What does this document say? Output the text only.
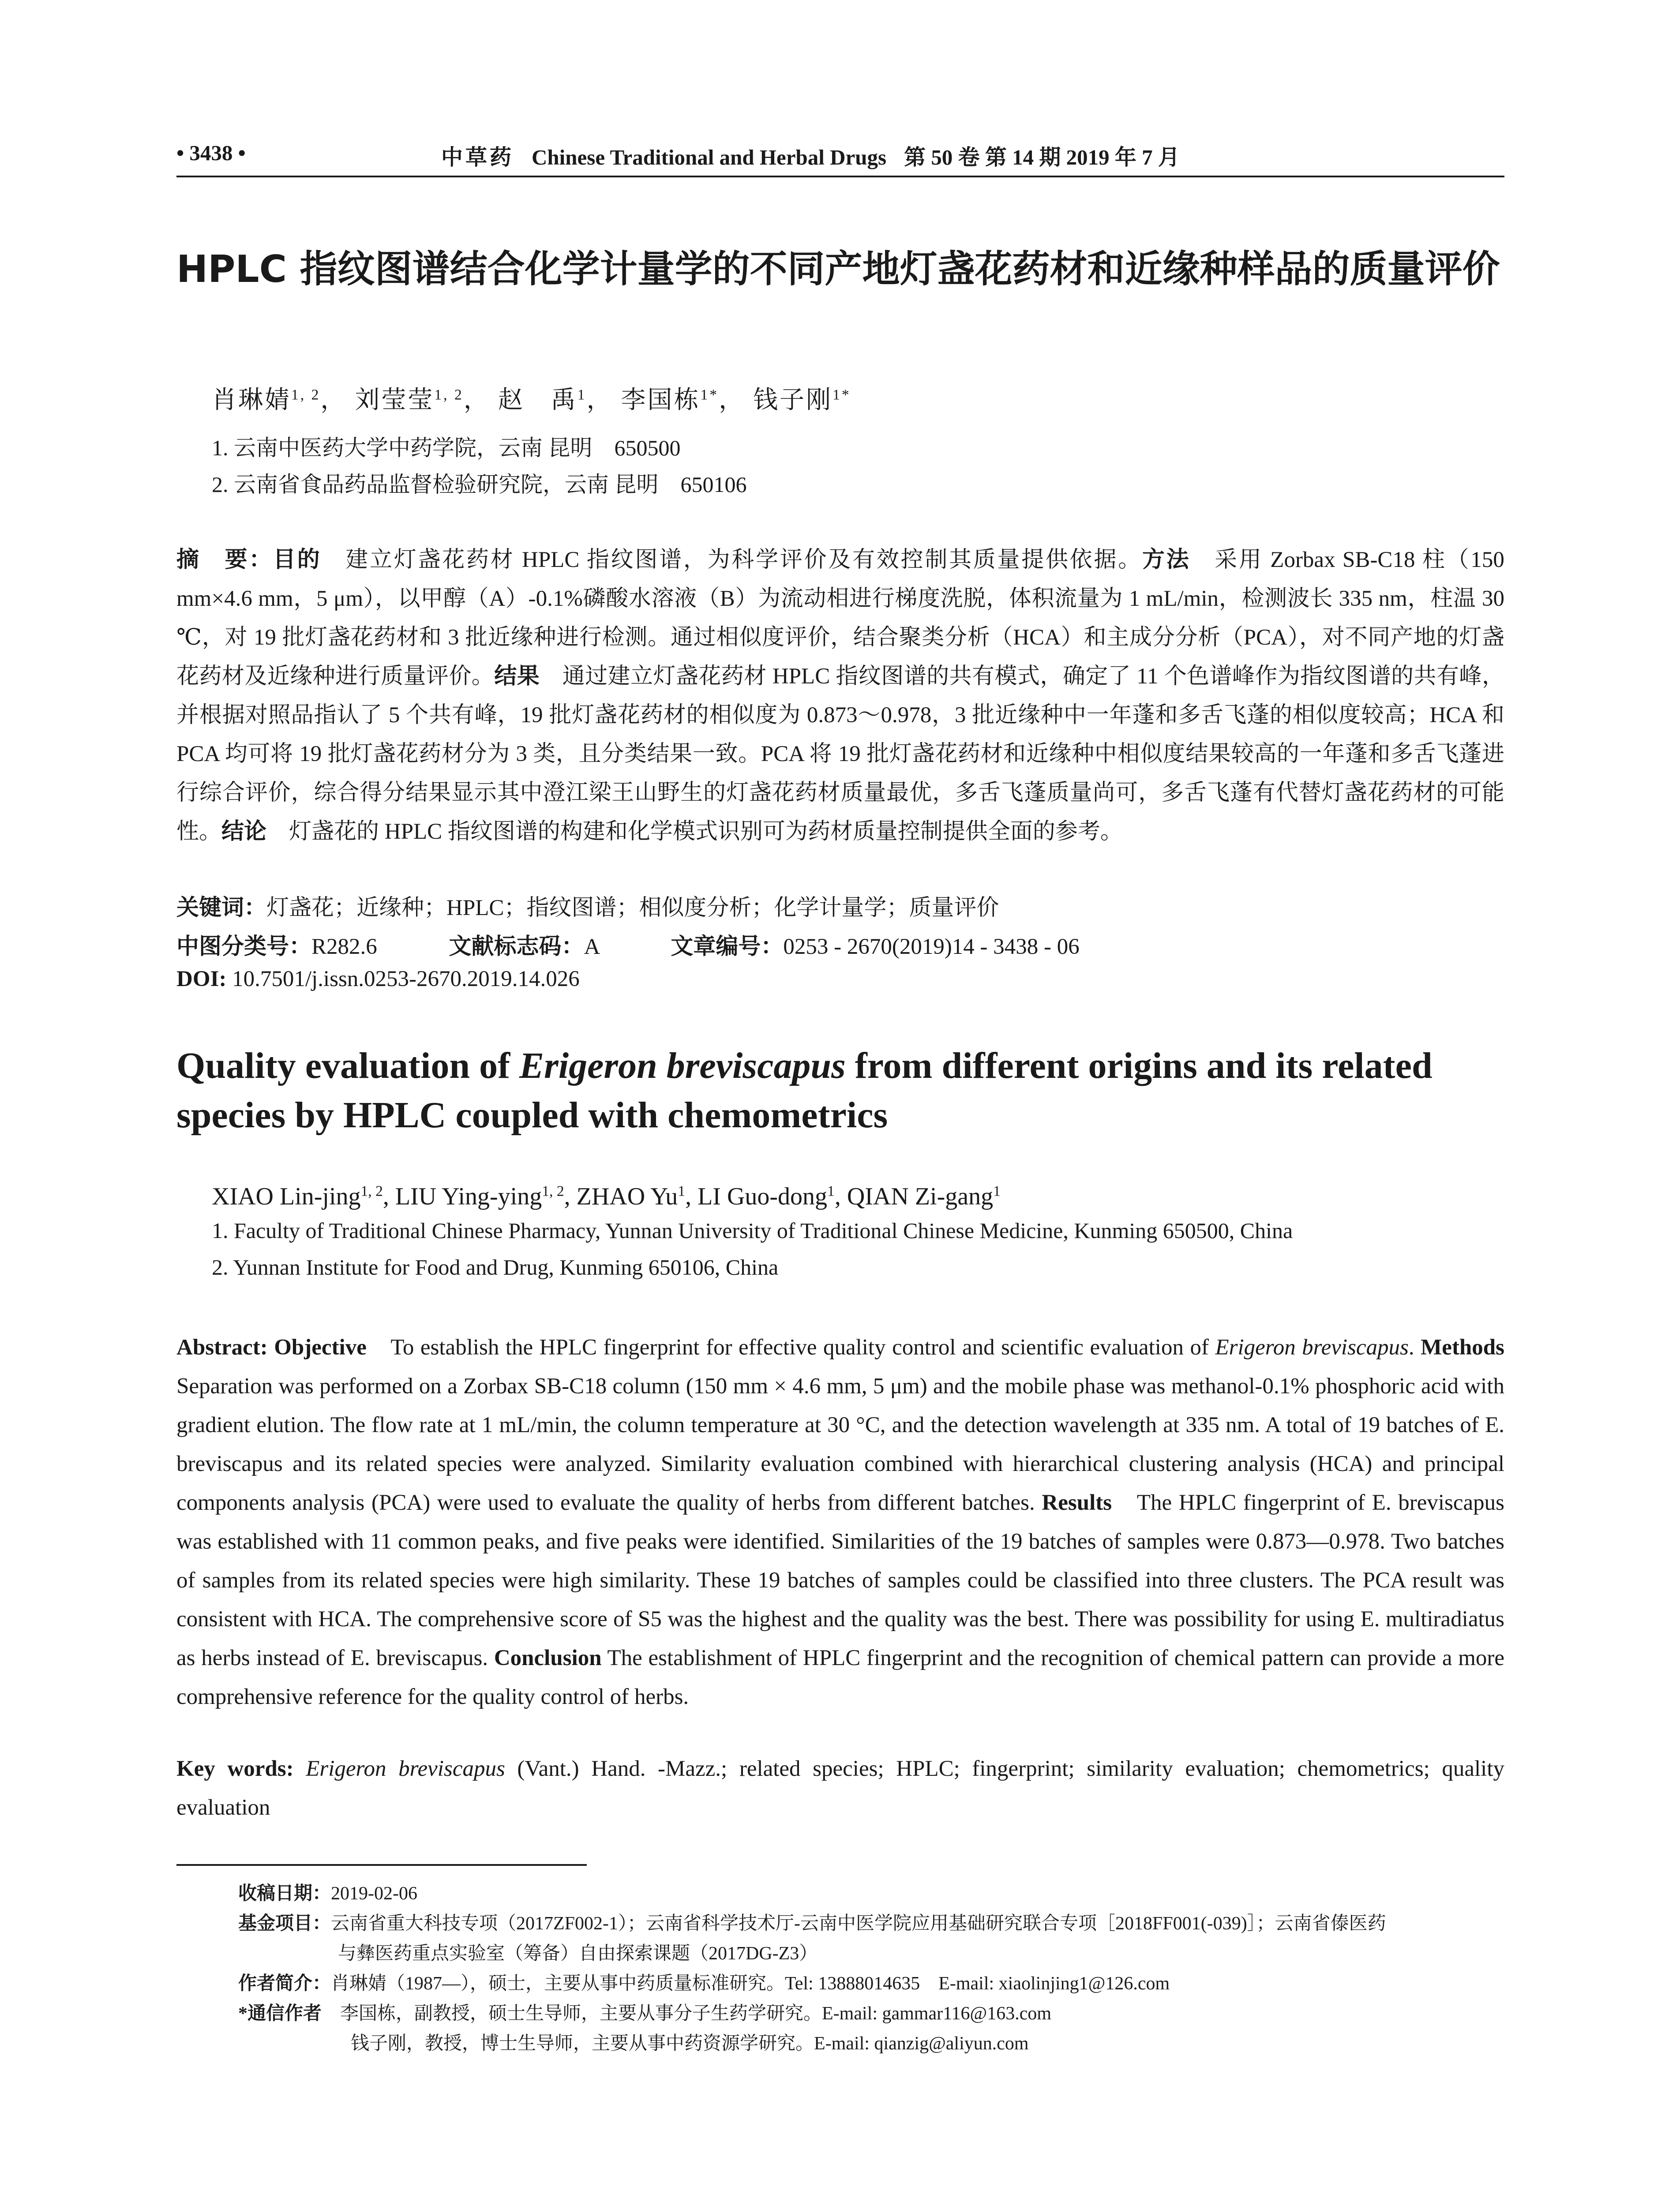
• 3438 •	中草药 Chinese Traditional and Herbal Drugs 第 50 卷 第 14 期 2019 年 7 月
HPLC 指纹图谱结合化学计量学的不同产地灯盏花药材和近缘种样品的质量评价
肖琳婧$^{1, 2}$， 刘莹莹$^{1, 2}$， 赵　禹$^1$， 李国栋$^{1*}$， 钱子刚$^{1*}$
1. 云南中医药大学中药学院，云南 昆明　650500
2. 云南省食品药品监督检验研究院，云南 昆明　650106
摘　要：目的　 建立灯盏花药材 HPLC 指纹图谱，为科学评价及有效控制其质量提供依据。方法　 采用 Zorbax SB-C18 柱（150 mm×4.6 mm，5 μm），以甲醇（A）-0.1%磷酸水溶液（B）为流动相进行梯度洗脱，体积流量为 1 mL/min，检测波长 335 nm，柱温 30 ℃，对 19 批灯盏花药材和 3 批近缘种进行检测。通过相似度评价，结合聚类分析（HCA）和主成分分析（PCA），对不同产地的灯盏花药材及近缘种进行质量评价。结果　 通过建立灯盏花药材 HPLC 指纹图谱的共有模式，确定了 11 个色谱峰作为指纹图谱的共有峰，并根据对照品指认了 5 个共有峰，19 批灯盏花药材的相似度为 0.873～0.978，3 批近缘种中一年蓬和多舌飞蓬的相似度较高；HCA 和 PCA 均可将 19 批灯盏花药材分为 3 类，且分类结果一致。PCA 将 19 批灯盏花药材和近缘种中相似度结果较高的一年蓬和多舌飞蓬进行综合评价，综合得分结果显示其中澄江梁王山野生的灯盏花药材质量最优，多舌飞蓬质量尚可，多舌飞蓬有代替灯盏花药材的可能性。结论　 灯盏花的 HPLC 指纹图谱的构建和化学模式识别可为药材质量控制提供全面的参考。
关键词：灯盏花；近缘种；HPLC；指纹图谱；相似度分析；化学计量学；质量评价
中图分类号：R282.6	文献标志码：A	文章编号：0253 - 2670(2019)14 - 3438 - 06
DOI: 10.7501/j.issn.0253-2670.2019.14.026
Quality evaluation of Erigeron breviscapus from different origins and its related species by HPLC coupled with chemometrics
XIAO Lin-jing$^{1, 2}$, LIU Ying-ying$^{1, 2}$, ZHAO Yu$^1$, LI Guo-dong$^1$, QIAN Zi-gang$^1$
1. Faculty of Traditional Chinese Pharmacy, Yunnan University of Traditional Chinese Medicine, Kunming 650500, China
2. Yunnan Institute for Food and Drug, Kunming 650106, China
Abstract: Objective　 To establish the HPLC fingerprint for effective quality control and scientific evaluation of Erigeron breviscapus. Methods　Separation was performed on a Zorbax SB-C18 column (150 mm × 4.6 mm, 5 μm) and the mobile phase was methanol-0.1% phosphoric acid with gradient elution. The flow rate at 1 mL/min, the column temperature at 30 °C, and the detection wavelength at 335 nm. A total of 19 batches of E. breviscapus and its related species were analyzed. Similarity evaluation combined with hierarchical clustering analysis (HCA) and principal components analysis (PCA) were used to evaluate the quality of herbs from different batches. Results　 The HPLC fingerprint of E. breviscapus was established with 11 common peaks, and five peaks were identified. Similarities of the 19 batches of samples were 0.873—0.978. Two batches of samples from its related species were high similarity. These 19 batches of samples could be classified into three clusters. The PCA result was consistent with HCA. The comprehensive score of S5 was the highest and the quality was the best. There was possibility for using E. multiradiatus as herbs instead of E. breviscapus. Conclusion The establishment of HPLC fingerprint and the recognition of chemical pattern can provide a more comprehensive reference for the quality control of herbs.
Key words: Erigeron breviscapus (Vant.) Hand. -Mazz.; related species; HPLC; fingerprint; similarity evaluation; chemometrics; quality evaluation
收稿日期：2019-02-06
基金项目：云南省重大科技专项（2017ZF002-1）；云南省科学技术厅-云南中医学院应用基础研究联合专项［2018FF001(-039)］；云南省傣医药
与彝医药重点实验室（筹备）自由探索课题（2017DG-Z3）
作者简介：肖琳婧（1987—），硕士，主要从事中药质量标准研究。Tel: 13888014635　E-mail: xiaolinjing1@126.com
*通信作者　 李国栋，副教授，硕士生导师，主要从事分子生药学研究。E-mail: gammar116@163.com
钱子刚，教授，博士生导师，主要从事中药资源学研究。E-mail: qianzig@aliyun.com
